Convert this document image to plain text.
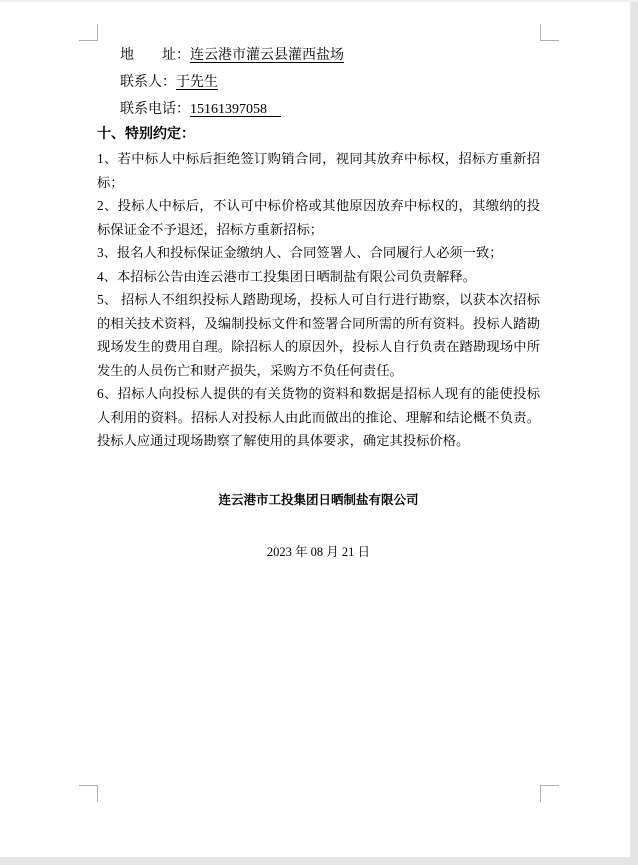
地　　址：连云港市灌云县灌西盐场
联系人：于先生
联系电话：15161397058　

十、特别约定：

1、若中标人中标后拒绝签订购销合同，视同其放弃中标权，招标方重新招标；

2、投标人中标后，不认可中标价格或其他原因放弃中标权的，其缴纳的投标保证金不予退还，招标方重新招标；

3、报名人和投标保证金缴纳人、合同签署人、合同履行人必须一致；

4、本招标公告由连云港市工投集团日晒制盐有限公司负责解释。

5、 招标人不组织投标人踏勘现场，投标人可自行进行勘察，以获本次招标的相关技术资料，及编制投标文件和签署合同所需的所有资料。投标人踏勘现场发生的费用自理。除招标人的原因外，投标人自行负责在踏勘现场中所发生的人员伤亡和财产损失，采购方不负任何责任。

6、招标人向投标人提供的有关货物的资料和数据是招标人现有的能使投标人利用的资料。招标人对投标人由此而做出的推论、理解和结论概不负责。投标人应通过现场勘察了解使用的具体要求，确定其投标价格。

连云港市工投集团日晒制盐有限公司
2023 年 08 月 21 日
